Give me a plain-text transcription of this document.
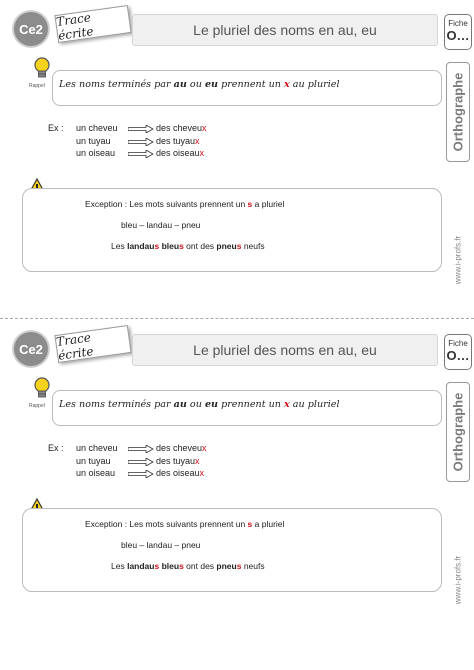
Ce2	Trace écrite	Le pluriel des noms en au, eu	Fiche
O…
Orthographe
www.i-profs.fr
Rappel Les noms terminés par au ou eu prennent un x au pluriel
Ex : un cheveu	des cheveux
un tuyau	des tuyaux
un oiseau	des oiseaux
Exception : Les mots suivants prennent un s a pluriel
bleu – landau – pneu
Les landaus bleus ont des pneus neufs
Ce2	Trace écrite	Le pluriel des noms en au, eu	Fiche
O…
Orthographe
www.i-profs.fr
Rappel Les noms terminés par au ou eu prennent un x au pluriel
Ex : un cheveu	des cheveux
un tuyau	des tuyaux
un oiseau	des oiseaux
Exception : Les mots suivants prennent un s a pluriel
bleu – landau – pneu
Les landaus bleus ont des pneus neufs
